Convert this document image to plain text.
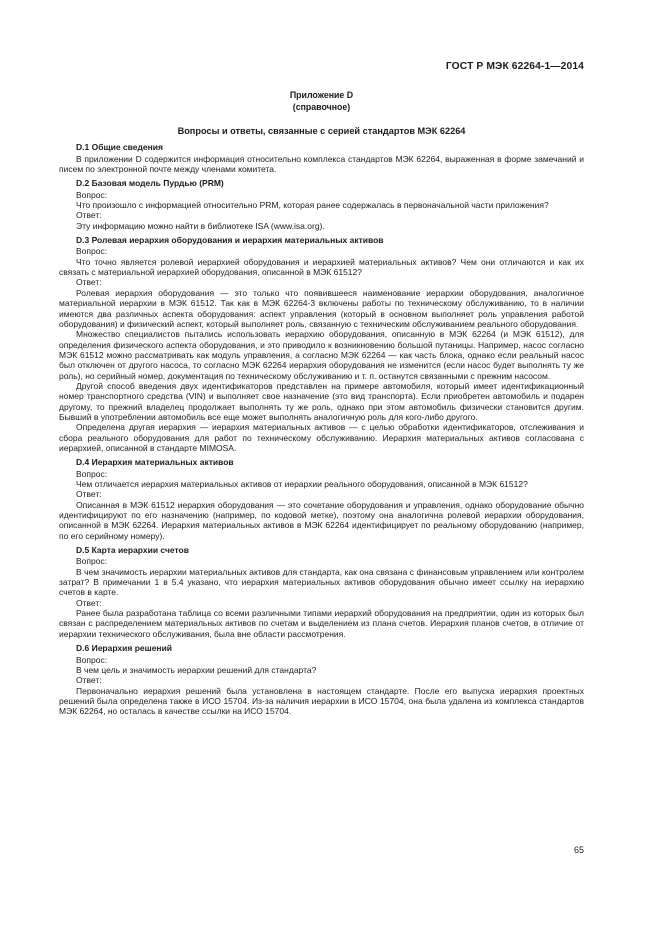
ГОСТ Р МЭК 62264-1—2014
Приложение D
(справочное)
Вопросы и ответы, связанные с серией стандартов МЭК 62264
D.1 Общие сведения

В приложении D содержится информация относительно комплекса стандартов МЭК 62264, выраженная в форме замечаний и писем по электронной почте между членами комитета.

D.2 Базовая модель Пурдью (PRM)

Вопрос:

Что произошло с информацией относительно PRM, которая ранее содержалась в первоначальной части приложения?

Ответ:

Эту информацию можно найти в библиотеке ISA (www.isa.org).

D.3 Ролевая иерархия оборудования и иерархия материальных активов

Вопрос:

Что точно является ролевой иерархией оборудования и иерархией материальных активов? Чем они отличаются и как их связать с материальной иерархией оборудования, описанной в МЭК 61512?

Ответ:

Ролевая иерархия оборудования — это только что появившееся наименование иерархии оборудования, аналогичное материальной иерархии в МЭК 61512. Так как в МЭК 62264-3 включены работы по техническому обслуживанию, то в наличии имеются два различных аспекта оборудования: аспект управления (который в основном выполняет роль управления работой оборудования) и физический аспект, который выполняет роль, связанную с техническим обслуживанием реального оборудования.

Множество специалистов пытались использовать иерархию оборудования, описанную в МЭК 62264 (и МЭК 61512), для определения физического аспекта оборудования, и это приводило к возникновению большой путаницы. Например, насос согласно МЭК 61512 можно рассматривать как модуль управления, а согласно МЭК 62264 — как часть блока, однако если реальный насос был отключен от другого насоса, то согласно МЭК 62264 иерархия оборудования не изменится (если насос будет выполнять ту же роль), но серийный номер, документация по техническому обслуживанию и т. п. останутся связанными с прежним насосом.

Другой способ введения двух идентификаторов представлен на примере автомобиля, который имеет идентификационный номер транспортного средства (VIN) и выполняет свое назначение (это вид транспорта). Если приобретен автомобиль и подарен другому, то прежний владелец продолжает выполнять ту же роль, однако при этом автомобиль физически становится другим. Бывший в употреблении автомобиль все еще может выполнять аналогичную роль для кого-либо другого.

Определена другая иерархия — иерархия материальных активов — с целью обработки идентификаторов, отслеживания и сбора реального оборудования для работ по техническому обслуживанию. Иерархия материальных активов согласована с иерархией, описанной в стандарте MIMOSA.

D.4 Иерархия материальных активов

Вопрос:

Чем отличается иерархия материальных активов от иерархии реального оборудования, описанной в МЭК 61512?

Ответ:

Описанная в МЭК 61512 иерархия оборудования — это сочетание оборудования и управления, однако оборудование обычно идентифицируют по его назначению (например, по кодовой метке), поэтому она аналогична ролевой иерархии оборудования, описанной в МЭК 62264. Иерархия материальных активов в МЭК 62264 идентифицирует по реальному оборудованию (например, по его серийному номеру).

D.5 Карта иерархии счетов

Вопрос:

В чем значимость иерархии материальных активов для стандарта, как она связана с финансовым управлением или контролем затрат? В примечании 1 в 5.4 указано, что иерархия материальных активов оборудования обычно имеет ссылку на иерархию счетов в карте.

Ответ:

Ранее была разработана таблица со всеми различными типами иерархий оборудования на предприятии, один из которых был связан с распределением материальных активов по счетам и выделением из плана счетов. Иерархия планов счетов, в отличие от иерархии технического обслуживания, была вне области рассмотрения.

D.6 Иерархия решений

Вопрос:

В чем цель и значимость иерархии решений для стандарта?

Ответ:

Первоначально иерархия решений была установлена в настоящем стандарте. После его выпуска иерархия проектных решений была определена также в ИСО 15704. Из-за наличия иерархии в ИСО 15704, она была удалена из комплекса стандартов МЭК 62264, но осталась в качестве ссылки на ИСО 15704.

65
